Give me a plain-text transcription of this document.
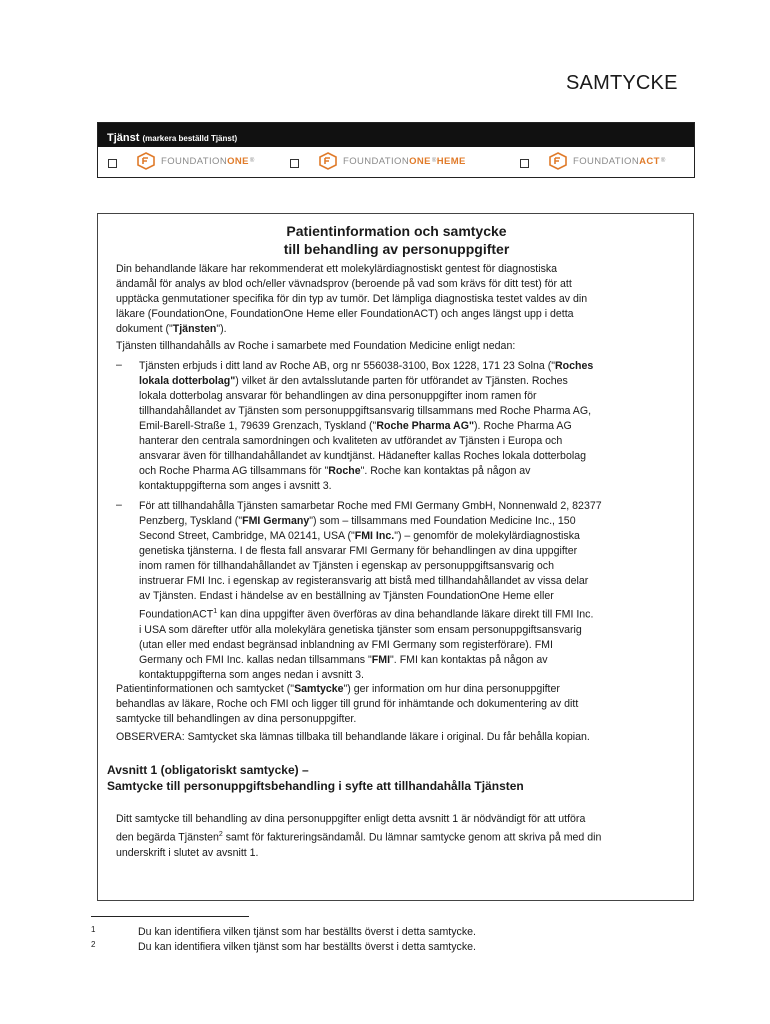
SAMTYCKE
Tjänst (markera beställd Tjänst)
FOUNDATION ONE ®	FOUNDATION ONE ® HEME	FOUNDATION ACT ®
Patientinformation och samtycke
till behandling av personuppgifter
Din behandlande läkare har rekommenderat ett molekylärdiagnostiskt gentest för diagnostiska
ändamål för analys av blod och/eller vävnadsprov (beroende på vad som krävs för ditt test) för att
upptäcka genmutationer specifika för din typ av tumör. Det lämpliga diagnostiska testet valdes av din
läkare (FoundationOne, FoundationOne Heme eller FoundationACT) och anges längst upp i detta
dokument ("Tjänsten").
Tjänsten tillhandahålls av Roche i samarbete med Foundation Medicine enligt nedan:
–	Tjänsten erbjuds i ditt land av Roche AB, org nr 556038-3100, Box 1228, 171 23 Solna ("Roches
lokala dotterbolag") vilket är den avtalsslutande parten för utförandet av Tjänsten. Roches
lokala dotterbolag ansvarar för behandlingen av dina personuppgifter inom ramen för
tillhandahållandet av Tjänsten som personuppgiftsansvarig tillsammans med Roche Pharma AG,
Emil-Barell-Straße 1, 79639 Grenzach, Tyskland ("Roche Pharma AG"). Roche Pharma AG
hanterar den centrala samordningen och kvaliteten av utförandet av Tjänsten i Europa och
ansvarar även för tillhandahållandet av kundtjänst. Hädanefter kallas Roches lokala dotterbolag
och Roche Pharma AG tillsammans för "Roche". Roche kan kontaktas på någon av
kontaktuppgifterna som anges i avsnitt 3.
–	För att tillhandahålla Tjänsten samarbetar Roche med FMI Germany GmbH, Nonnenwald 2, 82377
Penzberg, Tyskland ("FMI Germany") som – tillsammans med Foundation Medicine Inc., 150
Second Street, Cambridge, MA 02141, USA ("FMI Inc.") – genomför de molekylärdiagnostiska
genetiska tjänsterna. I de flesta fall ansvarar FMI Germany för behandlingen av dina uppgifter
inom ramen för tillhandahållandet av Tjänsten i egenskap av personuppgiftsansvarig och
instruerar FMI Inc. i egenskap av registeransvarig att bistå med tillhandahållandet av vissa delar
av Tjänsten. Endast i händelse av en beställning av Tjänsten FoundationOne Heme eller
FoundationACT$^1$ kan dina uppgifter även överföras av dina behandlande läkare direkt till FMI Inc.
i USA som därefter utför alla molekylära genetiska tjänster som ensam personuppgiftsansvarig
(utan eller med endast begränsad inblandning av FMI Germany som registerförare). FMI
Germany och FMI Inc. kallas nedan tillsammans "FMI". FMI kan kontaktas på någon av
kontaktuppgifterna som anges nedan i avsnitt 3.
Patientinformationen och samtycket ("Samtycke") ger information om hur dina personuppgifter
behandlas av läkare, Roche och FMI och ligger till grund för inhämtande och dokumentering av ditt
samtycke till behandlingen av dina personuppgifter.
OBSERVERA: Samtycket ska lämnas tillbaka till behandlande läkare i original. Du får behålla kopian.
Avsnitt 1 (obligatoriskt samtycke) –
Samtycke till personuppgiftsbehandling i syfte att tillhandahålla Tjänsten
Ditt samtycke till behandling av dina personuppgifter enligt detta avsnitt 1 är nödvändigt för att utföra
den begärda Tjänsten$^2$ samt för faktureringsändamål. Du lämnar samtycke genom att skriva på med din
underskrift i slutet av avsnitt 1.
1	Du kan identifiera vilken tjänst som har beställts överst i detta samtycke.
2	Du kan identifiera vilken tjänst som har beställts överst i detta samtycke.
